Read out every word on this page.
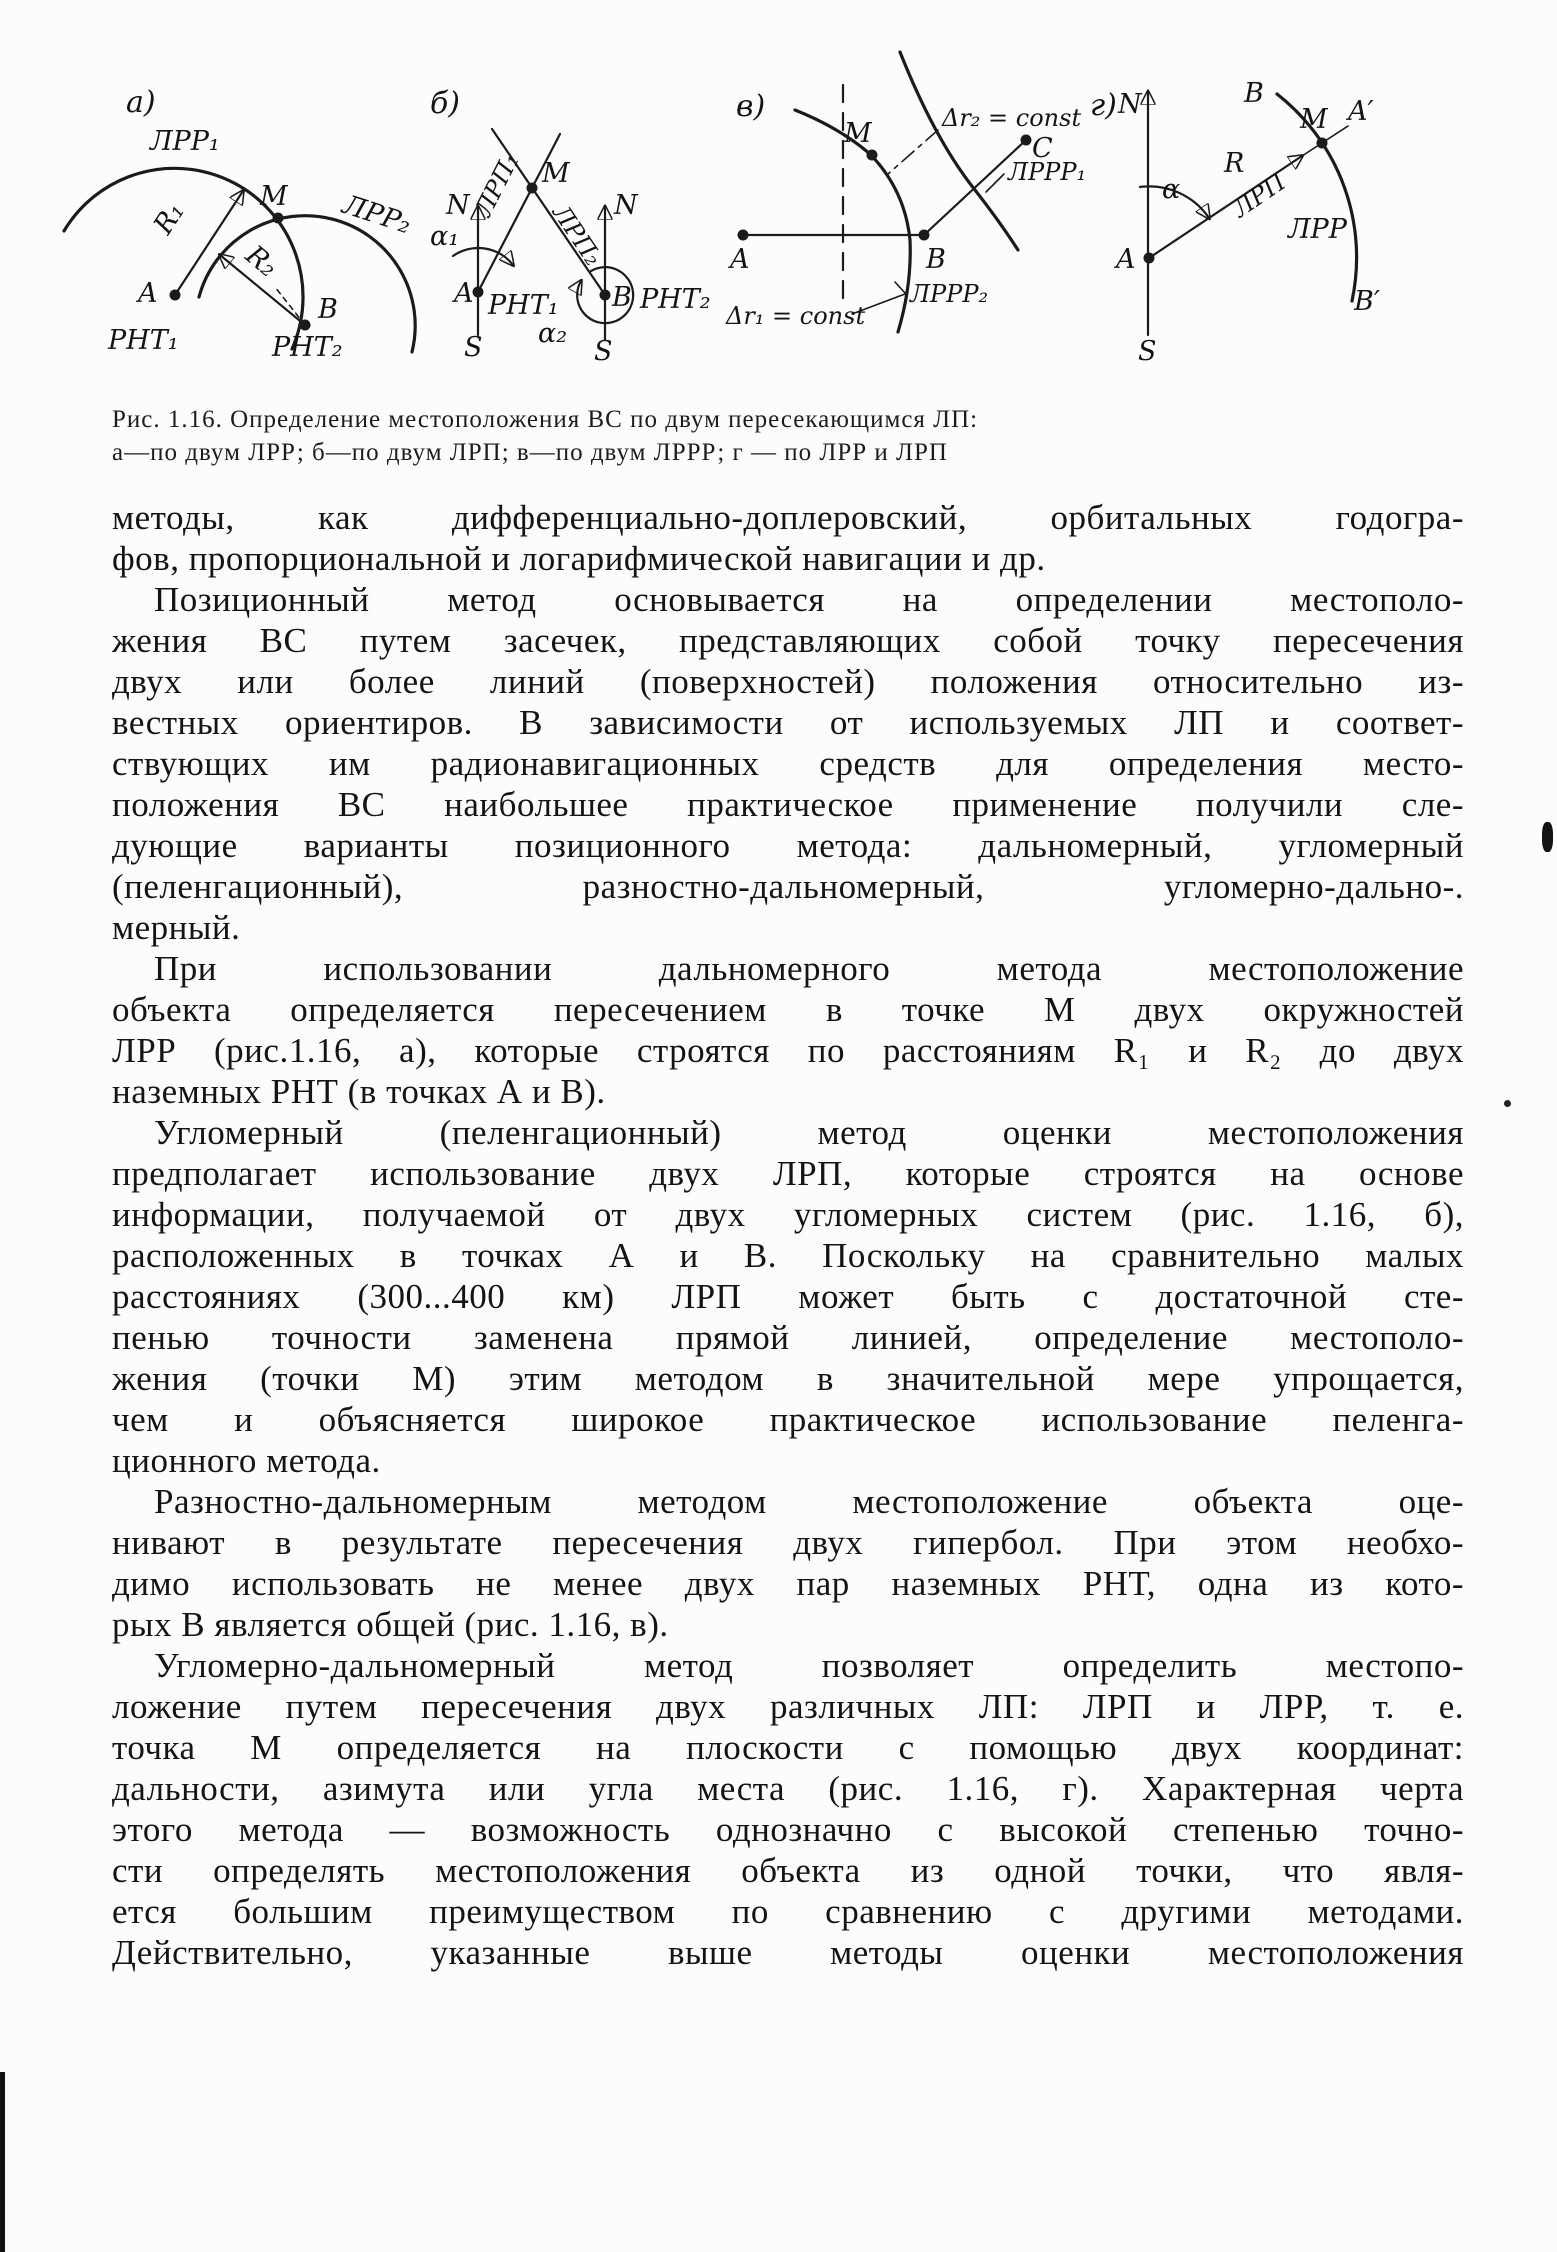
а)
ЛРР₁
ЛРР₂
R₁
R₂
M
A
B
РНТ₁	РНТ₂
б)
N	N
α₁
α₂
ЛРП₁
ЛРП₂
M
A РНТ₁ B РНТ₂
S	S
в)
M
A	B
C
Δr₂ = const
ЛРРР₁
ЛРРР₂
Δr₁ = const
г) N
S
A
α
R
ЛРП
ЛРР
B
M A′
B′
Рис. 1.16. Определение местоположения ВС по двум пересекающимся ЛП:
а—по двум ЛРР; б—по двум ЛРП; в—по двум ЛРРР; г — по ЛРР и ЛРП
методы, как дифференциально-доплеровский, орбитальных годогра-
фов, пропорциональной и логарифмической навигации и др.
Позиционный метод основывается на определении местополо-
жения ВС путем засечек, представляющих собой точку пересечения
двух или более линий (поверхностей) положения относительно из-
вестных ориентиров. В зависимости от используемых ЛП и соответ-
ствующих им радионавигационных средств для определения место-
положения ВС наибольшее практическое применение получили сле-
дующие варианты позиционного метода: дальномерный, угломерный
(пеленгационный), разностно-дальномерный, угломерно-дально-.
мерный.
При использовании дальномерного метода местоположение
объекта определяется пересечением в точке М двух окружностей
ЛРР (рис.1.16, а), которые строятся по расстояниям R₁ и R₂ до двух
наземных РНТ (в точках А и В).
Угломерный (пеленгационный) метод оценки местоположения
предполагает использование двух ЛРП, которые строятся на основе
информации, получаемой от двух угломерных систем (рис. 1.16, б),
расположенных в точках А и В. Поскольку на сравнительно малых
расстояниях (300...400 км) ЛРП может быть с достаточной сте-
пенью точности заменена прямой линией, определение местополо-
жения (точки М) этим методом в значительной мере упрощается,
чем и объясняется широкое практическое использование пеленга-
ционного метода.
Разностно-дальномерным методом местоположение объекта оце-
нивают в результате пересечения двух гипербол. При этом необхо-
димо использовать не менее двух пар наземных РНТ, одна из кото-
рых В является общей (рис. 1.16, в).
Угломерно-дальномерный метод позволяет определить местопо-
ложение путем пересечения двух различных ЛП: ЛРП и ЛРР, т. е.
точка М определяется на плоскости с помощью двух координат:
дальности, азимута или угла места (рис. 1.16, г). Характерная черта
этого метода — возможность однозначно с высокой степенью точно-
сти определять местоположения объекта из одной точки, что явля-
ется большим преимуществом по сравнению с другими методами.
Действительно, указанные выше методы оценки местоположения
